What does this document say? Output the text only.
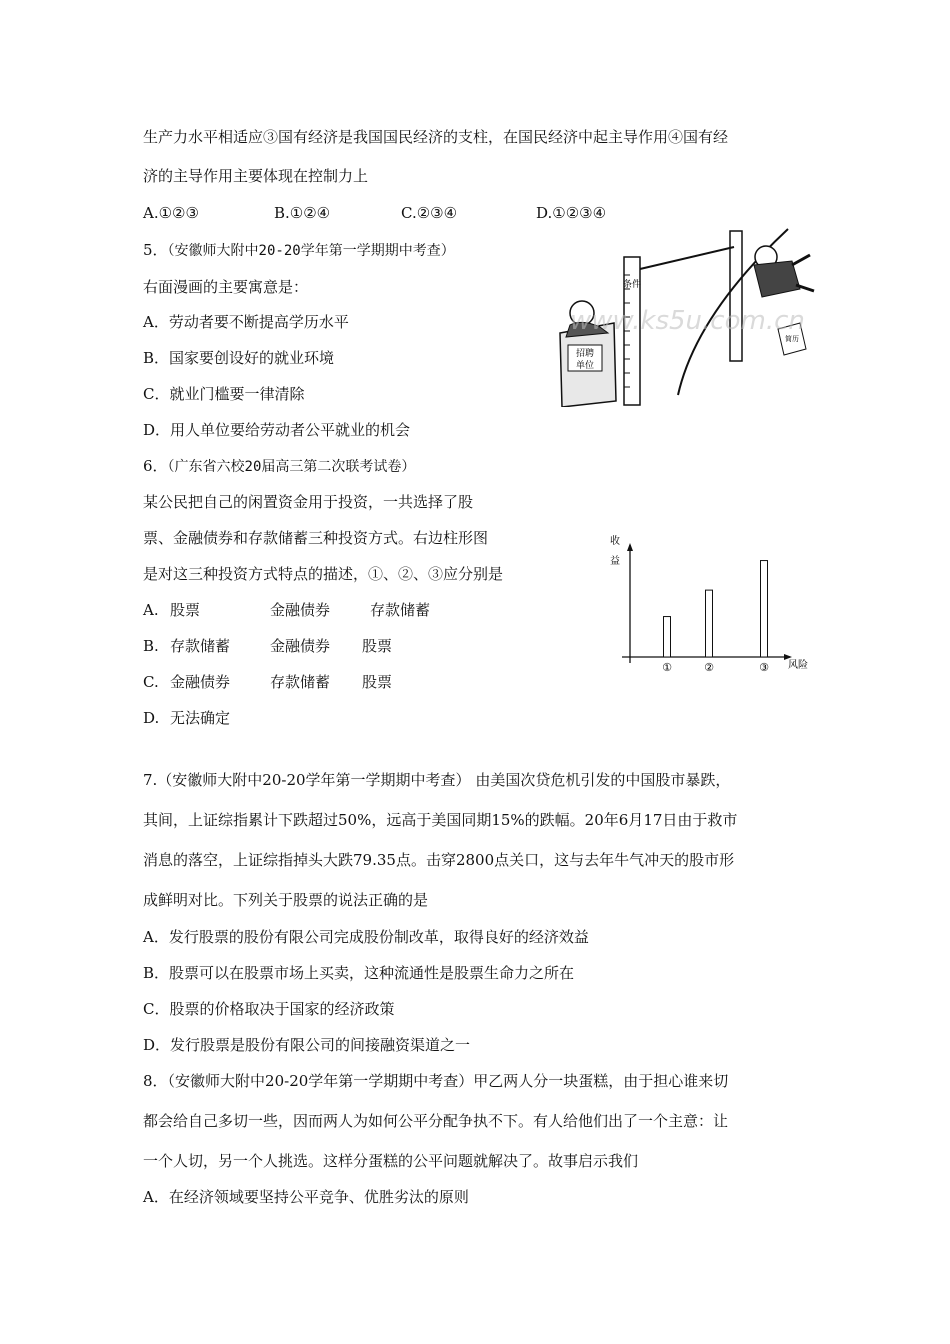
生产力水平相适应③国有经济是我国国民经济的支柱，在国民经济中起主导作用④国有经
济的主导作用主要体现在控制力上
A.①②③	B.①②④	C.②③④	D.①②③④
5．（安徽师大附中20-20学年第一学期期中考查）
右面漫画的主要寓意是：
A．劳动者要不断提高学历水平
B．国家要创设好的就业环境
C．就业门槛要一律清除
D．用人单位要给劳动者公平就业的机会
条件
招聘
单位
简历
www.ks5u.com.cn
6．（广东省六校20届高三第二次联考试卷）
某公民把自己的闲置资金用于投资，一共选择了股
票、金融债券和存款储蓄三种投资方式。右边柱形图
是对这三种投资方式特点的描述，①、②、③应分别是
A. 股票	金融债券	存款储蓄
B. 存款储蓄	金融债券 股票
C. 金融债券	存款储蓄 股票
D. 无法确定
收
益
风险
①	②	③
7.（安徽师大附中20-20学年第一学期期中考查） 由美国次贷危机引发的中国股市暴跌，
其间，上证综指累计下跌超过50%，远高于美国同期15%的跌幅。20年6月17日由于救市
消息的落空，上证综指掉头大跌79.35点。击穿2800点关口，这与去年牛气冲天的股市形
成鲜明对比。下列关于股票的说法正确的是
A．发行股票的股份有限公司完成股份制改革，取得良好的经济效益
B．股票可以在股票市场上买卖，这种流通性是股票生命力之所在
C．股票的价格取决于国家的经济政策
D．发行股票是股份有限公司的间接融资渠道之一
8．（安徽师大附中20-20学年第一学期期中考查）甲乙两人分一块蛋糕，由于担心谁来切
都会给自己多切一些，因而两人为如何公平分配争执不下。有人给他们出了一个主意：让
一个人切，另一个人挑选。这样分蛋糕的公平问题就解决了。故事启示我们
A．在经济领域要坚持公平竞争、优胜劣汰的原则
